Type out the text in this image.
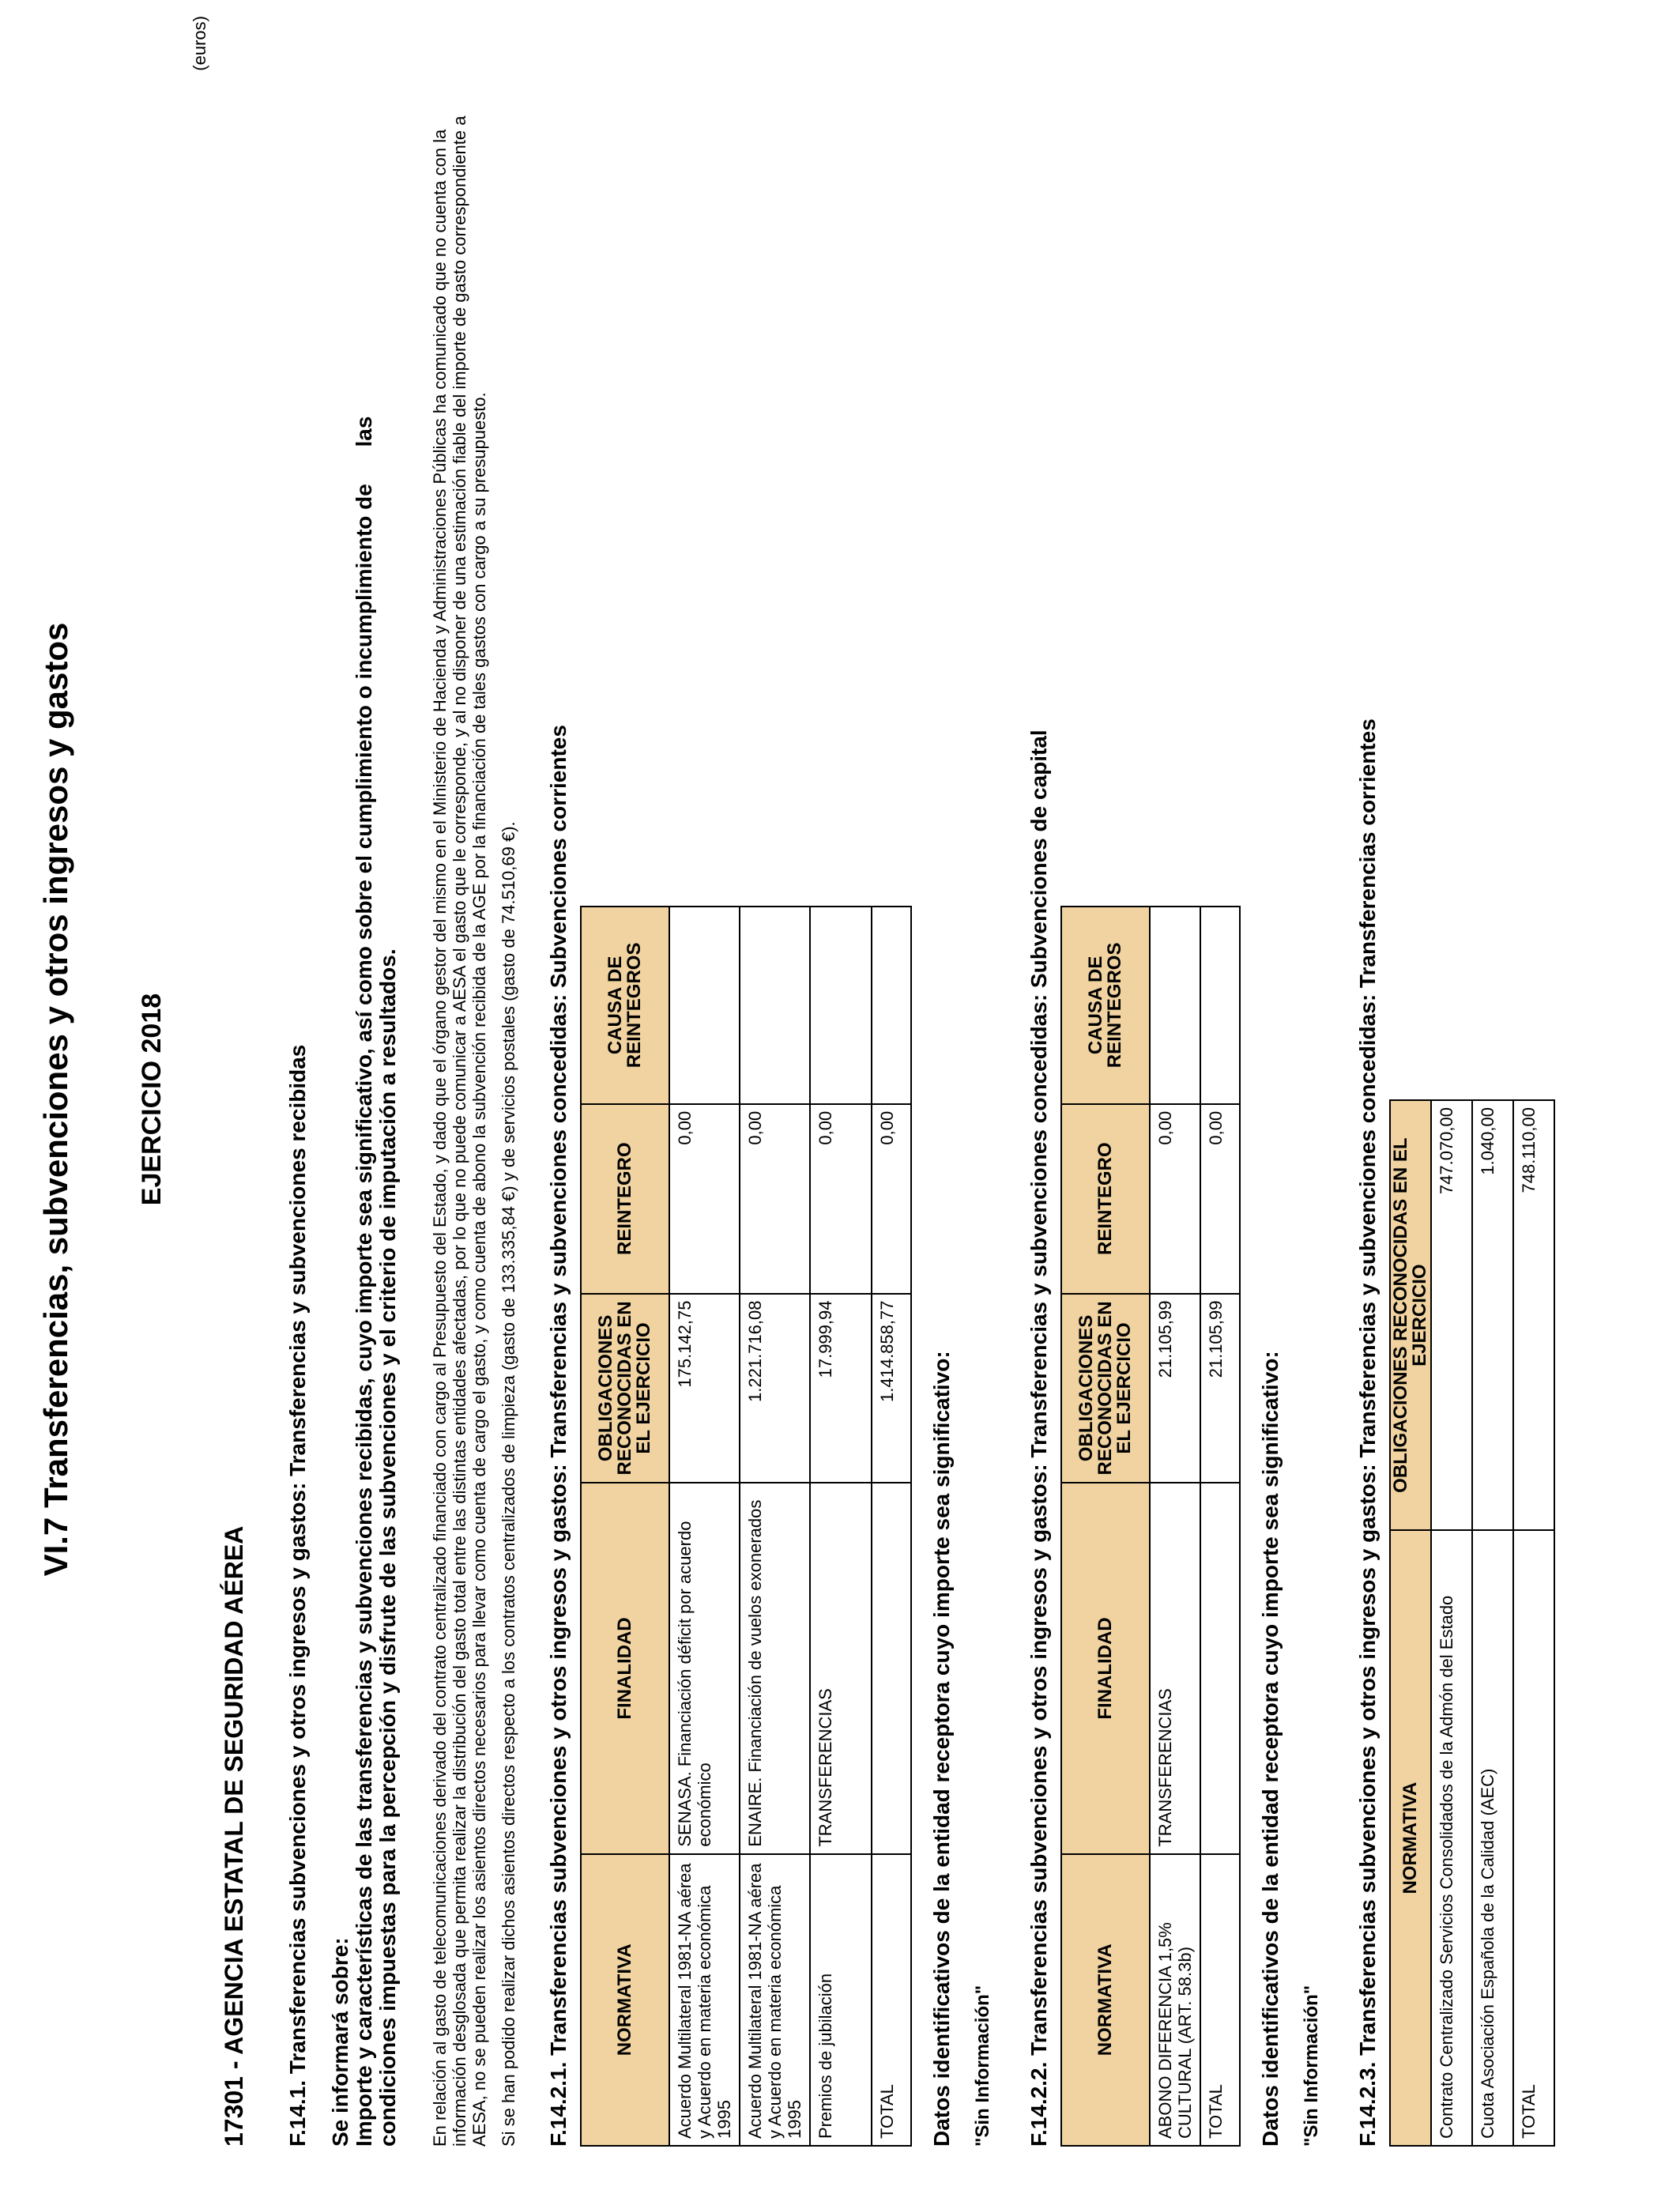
(euros)
VI.7 Transferencias, subvenciones y otros ingresos y gastos EJERCICIO 2018
17301 - AGENCIA ESTATAL DE SEGURIDAD AÉREA F.14.1. Transferencias subvenciones y otros ingresos y gastos: Transferencias y subvenciones recibidas Se informará sobre: Importe y características de las transferencias y subvenciones recibidas, cuyo importe sea significativo, así como sobre el cumplimiento o incumplimiento de      las condiciones impuestas para la percepción y disfrute de las subvenciones y el criterio de imputación a resultados. En relación al gasto de telecomunicaciones derivado del contrato centralizado financiado con cargo al Presupuesto del Estado, y dado que el órgano gestor del mismo en el Ministerio de Hacienda y Administraciones Públicas ha comunicado que no cuenta con la información desglosada que permita realizar la distribución del gasto total entre las distintas entidades afectadas, por lo que no puede comunicar a AESA el gasto que le corresponde, y al no disponer de una estimación fiable del importe de gasto correspondiente a AESA, no se pueden realizar los asientos directos necesarios para llevar como cuenta de cargo el gasto, y como cuenta de abono la subvención recibida de la AGE por la financiación de tales gastos con cargo a su presupuesto. Si se han podido realizar dichos asientos directos respecto a los contratos centralizados de limpieza (gasto de 133.335,84 €) y de servicios postales (gasto de 74.510,69 €). F.14.2.1. Transferencias subvenciones y otros ingresos y gastos: Transferencias y subvenciones concedidas: Subvenciones corrientes NORMATIVA	FINALIDAD	OBLIGACIONES RECONOCIDAS EN EL EJERCICIO	REINTEGRO	CAUSA DE REINTEGROS
Acuerdo Multilateral 1981-NA aérea y Acuerdo en materia económica 1995	SENASA. Financiación déficit por acuerdo económico	175.142,75	0,00	
Acuerdo Multilateral 1981-NA aérea y Acuerdo en materia económica 1995	ENAIRE. Financiación de vuelos exonerados	1.221.716,08	0,00	
Premios de jubilación	TRANSFERENCIAS	17.999,94	0,00	
TOTAL		1.414.858,77	0,00	
Datos identificativos de la entidad receptora cuyo importe sea significativo: "Sin Información" F.14.2.2. Transferencias subvenciones y otros ingresos y gastos: Transferencias y subvenciones concedidas: Subvenciones de capital NORMATIVA	FINALIDAD	OBLIGACIONES RECONOCIDAS EN EL EJERCICIO	REINTEGRO	CAUSA DE REINTEGROS
ABONO DIFERENCIA 1,5% CULTURAL (ART. 58.3b)	TRANSFERENCIAS	21.105,99	0,00	
TOTAL		21.105,99	0,00	
Datos identificativos de la entidad receptora cuyo importe sea significativo: "Sin Información" F.14.2.3. Transferencias subvenciones y otros ingresos y gastos: Transferencias y subvenciones concedidas: Transferencias corrientes NORMATIVA	OBLIGACIONES RECONOCIDAS EN EL EJERCICIO
Contrato Centralizado Servicios Consolidados de la Admón del Estado	747.070,00
Cuota Asociación Española de la Calidad (AEC)	1.040,00
TOTAL	748.110,00
